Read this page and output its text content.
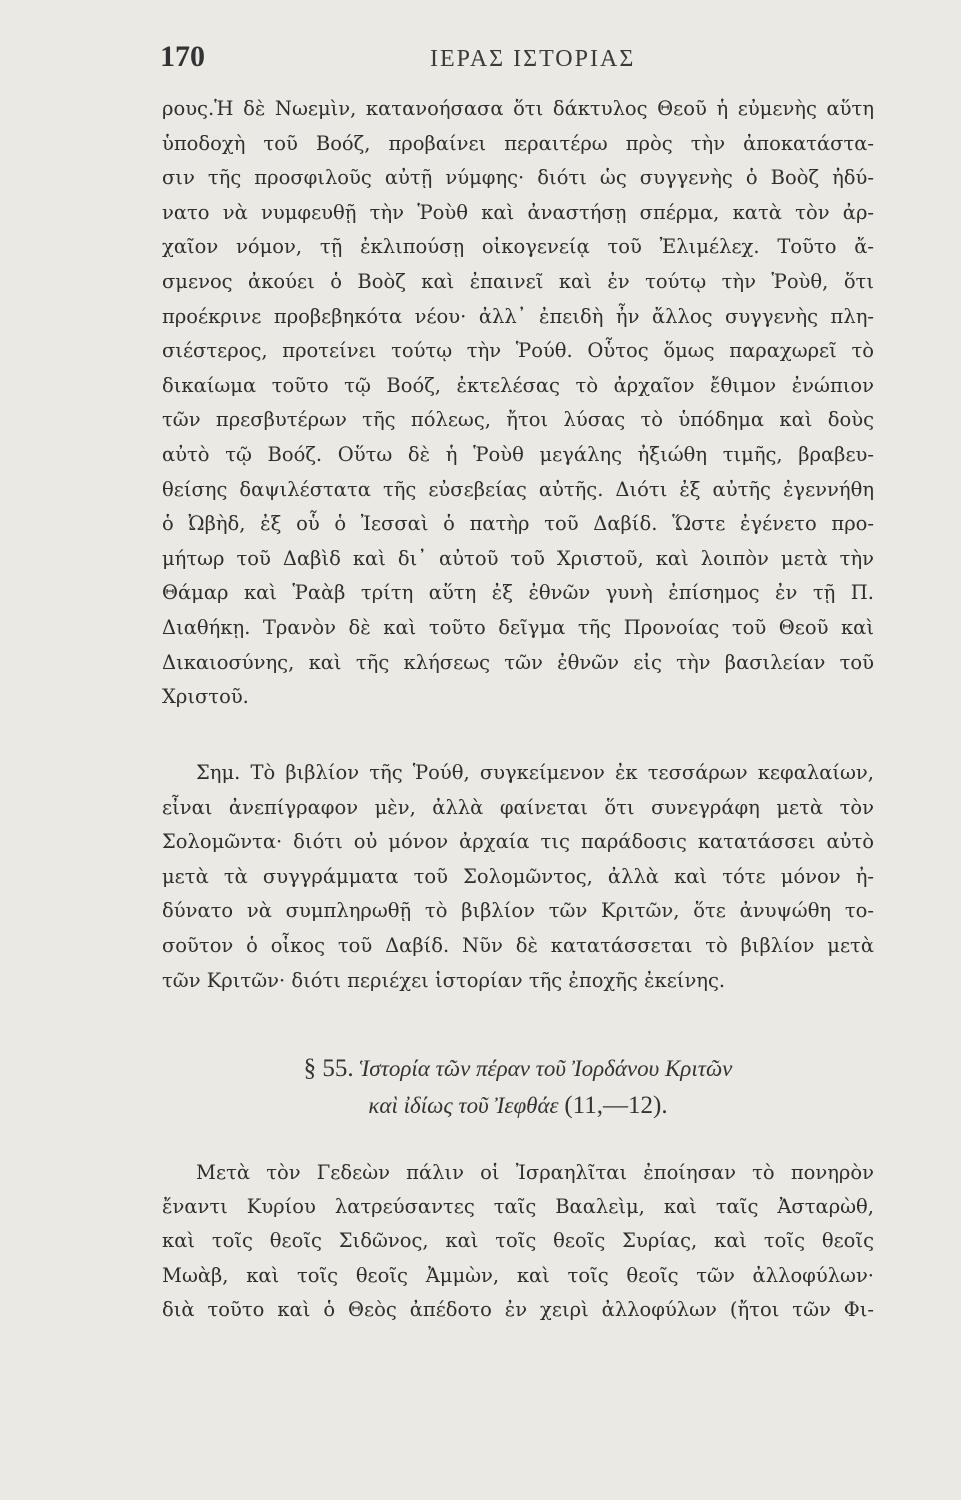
170	ΙΕΡΑΣ ΙΣΤΟΡΙΑΣ
ρους.Ἡ δὲ Νωεμὶν, κατανοήσασα ὅτι δάκτυλος Θεοῦ ἡ εὐμενὴς αὕτη
ὑποδοχὴ τοῦ Βοόζ, προβαίνει περαιτέρω πρὸς τὴν ἀποκατάστα-
σιν τῆς προσφιλοῦς αὐτῇ νύμφης· διότι ὡς συγγενὴς ὁ Βοὸζ ἠδύ-
νατο νὰ νυμφευθῇ τὴν Ῥοὺθ καὶ ἀναστήσῃ σπέρμα, κατὰ τὸν ἀρ-
χαῖον νόμον, τῇ ἐκλιπούσῃ οἰκογενείᾳ τοῦ Ἐλιμέλεχ. Τοῦτο ἄ-
σμενος ἀκούει ὁ Βοὸζ καὶ ἐπαινεῖ καὶ ἐν τούτῳ τὴν Ῥοὺθ, ὅτι
προέκρινε προβεβηκότα νέου· ἀλλ᾽ ἐπειδὴ ἦν ἄλλος συγγενὴς πλη-
σιέστερος, προτείνει τούτῳ τὴν Ῥούθ. Οὗτος ὅμως παραχωρεῖ τὸ
δικαίωμα τοῦτο τῷ Βοόζ, ἐκτελέσας τὸ ἀρχαῖον ἔθιμον ἐνώπιον
τῶν πρεσβυτέρων τῆς πόλεως, ἤτοι λύσας τὸ ὑπόδημα καὶ δοὺς
αὐτὸ τῷ Βοόζ. Οὕτω δὲ ἡ Ῥοὺθ μεγάλης ἠξιώθη τιμῆς, βραβευ-
θείσης δαψιλέστατα τῆς εὐσεβείας αὐτῆς. Διότι ἐξ αὐτῆς ἐγεννήθη
ὁ Ὠβὴδ, ἐξ οὗ ὁ Ἰεσσαὶ ὁ πατὴρ τοῦ Δαβίδ. Ὥστε ἐγένετο προ-
μήτωρ τοῦ Δαβὶδ καὶ δι᾽ αὐτοῦ τοῦ Χριστοῦ, καὶ λοιπὸν μετὰ τὴν
Θάμαρ καὶ Ῥαὰβ τρίτη αὕτη ἐξ ἐθνῶν γυνὴ ἐπίσημος ἐν τῇ Π.
Διαθήκῃ. Τρανὸν δὲ καὶ τοῦτο δεῖγμα τῆς Προνοίας τοῦ Θεοῦ καὶ
Δικαιοσύνης, καὶ τῆς κλήσεως τῶν ἐθνῶν εἰς τὴν βασιλείαν τοῦ
Χριστοῦ.
Σημ. Τὸ βιβλίον τῆς Ῥούθ, συγκείμενον ἐκ τεσσάρων κεφαλαίων,
εἶναι ἀνεπίγραφον μὲν, ἀλλὰ φαίνεται ὅτι συνεγράφη μετὰ τὸν
Σολομῶντα· διότι οὐ μόνον ἀρχαία τις παράδοσις κατατάσσει αὐτὸ
μετὰ τὰ συγγράμματα τοῦ Σολομῶντος, ἀλλὰ καὶ τότε μόνον ἠ-
δύνατο νὰ συμπληρωθῇ τὸ βιβλίον τῶν Κριτῶν, ὅτε ἀνυψώθη το-
σοῦτον ὁ οἶκος τοῦ Δαβίδ. Νῦν δὲ κατατάσσεται τὸ βιβλίον μετὰ
τῶν Κριτῶν· διότι περιέχει ἱστορίαν τῆς ἐποχῆς ἐκείνης.
§ 55. Ἱστορία τῶν πέραν τοῦ Ἰορδάνου Κριτῶν
καὶ ἰδίως τοῦ Ἰεφθάε (11,—12).
Μετὰ τὸν Γεδεὼν πάλιν οἱ Ἰσραηλῖται ἐποίησαν τὸ πονηρὸν
ἔναντι Κυρίου λατρεύσαντες ταῖς Βααλεὶμ, καὶ ταῖς Ἀσταρὼθ,
καὶ τοῖς θεοῖς Σιδῶνος, καὶ τοῖς θεοῖς Συρίας, καὶ τοῖς θεοῖς
Μωὰβ, καὶ τοῖς θεοῖς Ἀμμὼν, καὶ τοῖς θεοῖς τῶν ἀλλοφύλων·
διὰ τοῦτο καὶ ὁ Θεὸς ἀπέδοτο ἐν χειρὶ ἀλλοφύλων (ἤτοι τῶν Φι-
